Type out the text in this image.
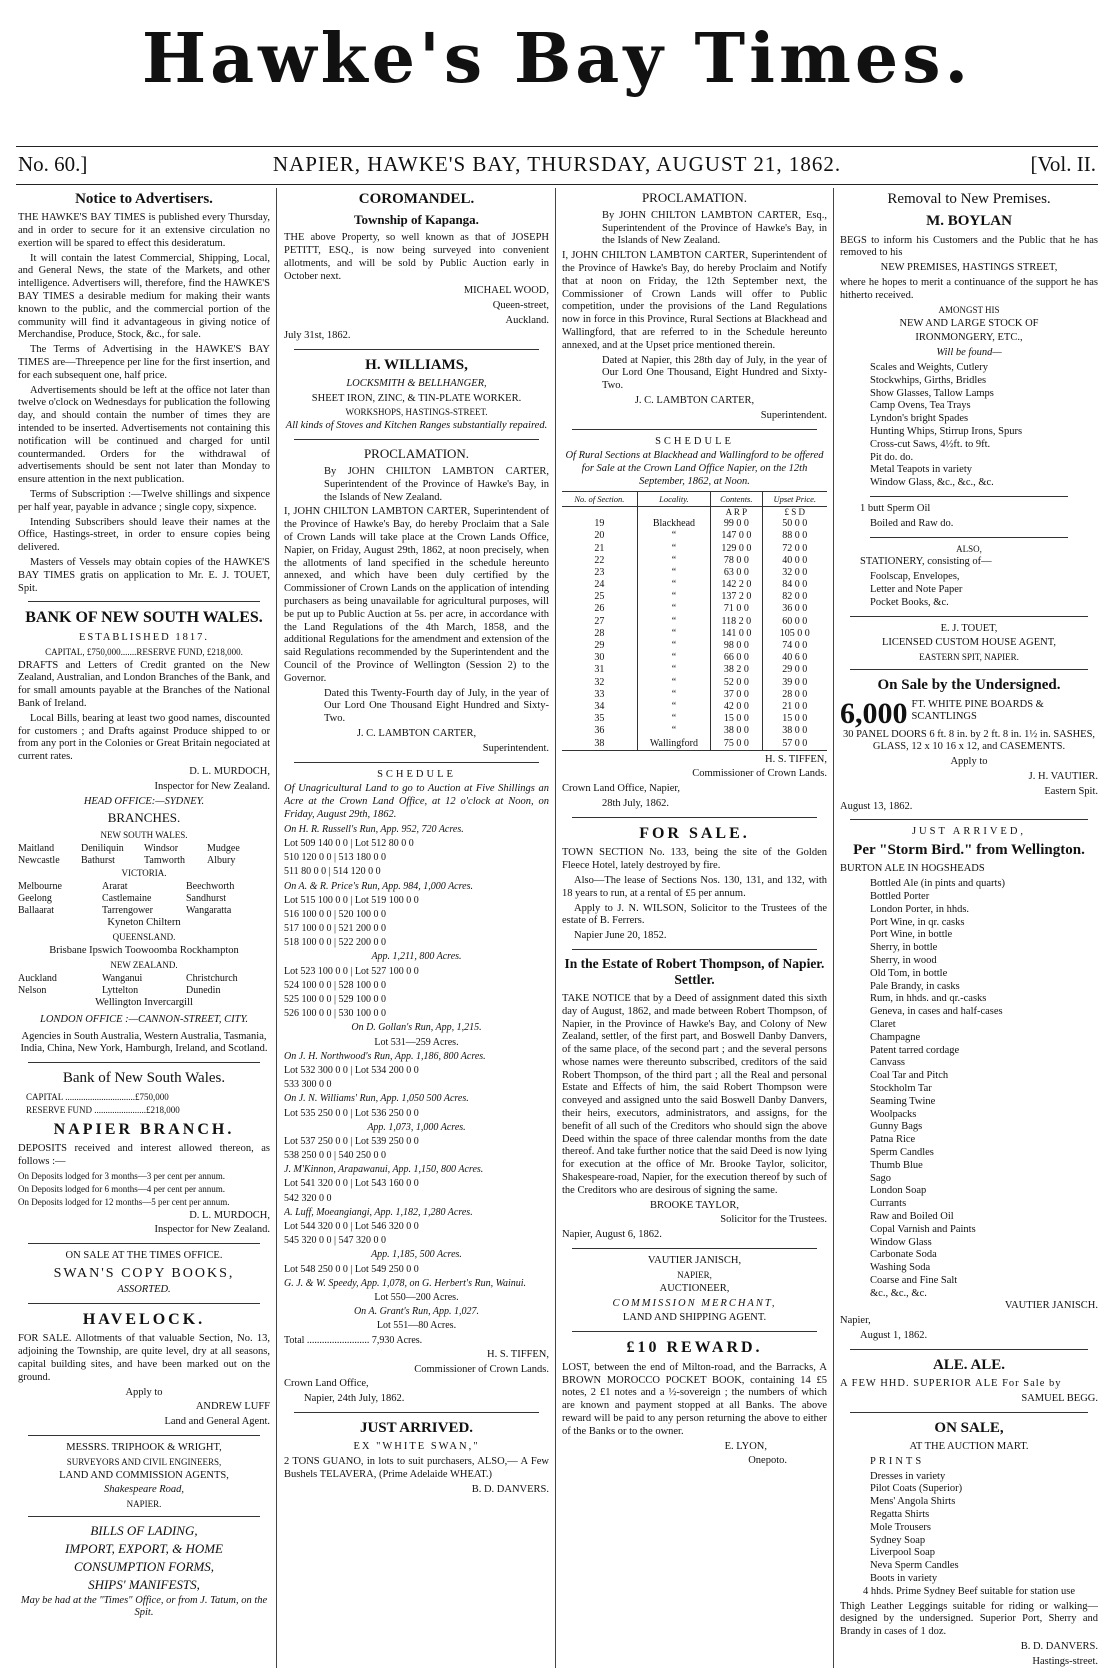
Hawke's Bay Times.
No. 60.]	NAPIER, HAWKE'S BAY, THURSDAY, AUGUST 21, 1862.	[Vol. II.
Notice to Advertisers.

THE HAWKE'S BAY TIMES is published every Thursday, and in order to secure for it an extensive circulation no exertion will be spared to effect this desideratum.

It will contain the latest Commercial, Shipping, Local, and General News, the state of the Markets, and other intelligence. Advertisers will, therefore, find the HAWKE'S BAY TIMES a desirable medium for making their wants known to the public, and the commercial portion of the community will find it advantageous in giving notice of Merchandise, Produce, Stock, &c., for sale.

The Terms of Advertising in the HAWKE'S BAY TIMES are—Threepence per line for the first insertion, and for each subsequent one, half price.

Advertisements should be left at the office not later than twelve o'clock on Wednesdays for publication the following day, and should contain the number of times they are intended to be inserted. Advertisements not containing this notification will be continued and charged for until countermanded. Orders for the withdrawal of advertisements should be sent not later than Monday to ensure attention in the next publication.

Terms of Subscription :—Twelve shillings and sixpence per half year, payable in advance ; single copy, sixpence.

Intending Subscribers should leave their names at the Office, Hastings-street, in order to ensure copies being delivered.

Masters of Vessels may obtain copies of the HAWKE'S BAY TIMES gratis on application to Mr. E. J. TOUET, Spit.

BANK OF NEW SOUTH WALES.

ESTABLISHED 1817.

CAPITAL, £750,000.......RESERVE FUND, £218,000.

DRAFTS and Letters of Credit granted on the New Zealand, Australian, and London Branches of the Bank, and for small amounts payable at the Branches of the National Bank of Ireland.

Local Bills, bearing at least two good names, discounted for customers ; and Drafts against Produce shipped to or from any port in the Colonies or Great Britain negociated at current rates.

D. L. MURDOCH,

Inspector for New Zealand.

HEAD OFFICE:—SYDNEY.

BRANCHES.

NEW SOUTH WALES.

Maitland	Deniliquin	Windsor	Mudgee
Newcastle	Bathurst	Tamworth	Albury

VICTORIA.

Melbourne	Ararat	Beechworth
Geelong	Castlemaine	Sandhurst
Ballaarat	Tarrengower	Wangaratta

Kyneton Chiltern

QUEENSLAND.

Brisbane Ipswich Toowoomba Rockhampton

NEW ZEALAND.

Auckland	Wanganui	Christchurch
Nelson	Lyttelton	Dunedin

Wellington Invercargill

LONDON OFFICE :—CANNON-STREET, CITY.

Agencies in South Australia, Western Australia, Tasmania, India, China, New York, Hamburgh, Ireland, and Scotland.

Bank of New South Wales.

CAPITAL ...............................£750,000

RESERVE FUND .......................£218,000

NAPIER BRANCH.

DEPOSITS received and interest allowed thereon, as follows :—

On Deposits lodged for 3 months—3 per cent per annum.

On Deposits lodged for 6 months—4 per cent per annum.

On Deposits lodged for 12 months—5 per cent per annum.

D. L. MURDOCH,

Inspector for New Zealand.

ON SALE AT THE TIMES OFFICE.

SWAN'S COPY BOOKS,

ASSORTED.

HAVELOCK.

FOR SALE. Allotments of that valuable Section, No. 13, adjoining the Township, are quite level, dry at all seasons, capital building sites, and have been marked out on the ground.

Apply to

ANDREW LUFF

Land and General Agent.

MESSRS. TRIPHOOK & WRIGHT,

SURVEYORS AND CIVIL ENGINEERS,

LAND AND COMMISSION AGENTS,

Shakespeare Road,

NAPIER.

BILLS OF LADING,

IMPORT, EXPORT, & HOME

CONSUMPTION FORMS,

SHIPS' MANIFESTS,

May be had at the "Times" Office, or from J. Tatum, on the Spit.

COROMANDEL.
Township of Kapanga.

THE above Property, so well known as that of JOSEPH PETITT, ESQ., is now being surveyed into convenient allotments, and will be sold by Public Auction early in October next.

MICHAEL WOOD,

Queen-street,

Auckland.

July 31st, 1862.

H. WILLIAMS,

LOCKSMITH & BELLHANGER,

SHEET IRON, ZINC, & TIN-PLATE WORKER.

WORKSHOPS, HASTINGS-STREET.

All kinds of Stoves and Kitchen Ranges substantially repaired.

PROCLAMATION.

By JOHN CHILTON LAMBTON CARTER, Superintendent of the Province of Hawke's Bay, in the Islands of New Zealand.

I, JOHN CHILTON LAMBTON CARTER, Superintendent of the Province of Hawke's Bay, do hereby Proclaim that a Sale of Crown Lands will take place at the Crown Lands Office, Napier, on Friday, August 29th, 1862, at noon precisely, when the allotments of land specified in the schedule hereunto annexed, and which have been duly certified by the Commissioner of Crown Lands on the application of intending purchasers as being unavailable for agricultural purposes, will be put up to Public Auction at 5s. per acre, in accordance with the Land Regulations of the 4th March, 1858, and the additional Regulations for the amendment and extension of the said Regulations recommended by the Superintendent and the Council of the Province of Wellington (Session 2) to the Governor.

Dated this Twenty-Fourth day of July, in the year of Our Lord One Thousand Eight Hundred and Sixty-Two.

J. C. LAMBTON CARTER,

Superintendent.

SCHEDULE

Of Unagricultural Land to go to Auction at Five Shillings an Acre at the Crown Land Office, at 12 o'clock at Noon, on Friday, August 29th, 1862.

On H. R. Russell's Run, App. 952, 720 Acres.

Lot 509 140 0 0 | Lot 512 80 0 0

510 120 0 0 | 513 180 0 0

511 80 0 0 | 514 120 0 0

On A. & R. Price's Run, App. 984, 1,000 Acres.

Lot 515 100 0 0 | Lot 519 100 0 0

516 100 0 0 | 520 100 0 0

517 100 0 0 | 521 200 0 0

518 100 0 0 | 522 200 0 0

App. 1,211, 800 Acres.

Lot 523 100 0 0 | Lot 527 100 0 0

524 100 0 0 | 528 100 0 0

525 100 0 0 | 529 100 0 0

526 100 0 0 | 530 100 0 0

On D. Gollan's Run, App, 1,215.

Lot 531—259 Acres.

On J. H. Northwood's Run, App. 1,186, 800 Acres.

Lot 532 300 0 0 | Lot 534 200 0 0

533 300 0 0

On J. N. Williams' Run, App. 1,050 500 Acres.

Lot 535 250 0 0 | Lot 536 250 0 0

App. 1,073, 1,000 Acres.

Lot 537 250 0 0 | Lot 539 250 0 0

538 250 0 0 | 540 250 0 0

J. M'Kinnon, Arapawanui, App. 1,150, 800 Acres.

Lot 541 320 0 0 | Lot 543 160 0 0

542 320 0 0

A. Luff, Moeangiangi, App. 1,182, 1,280 Acres.

Lot 544 320 0 0 | Lot 546 320 0 0

545 320 0 0 | 547 320 0 0

App. 1,185, 500 Acres.

Lot 548 250 0 0 | Lot 549 250 0 0

G. J. & W. Speedy, App. 1,078, on G. Herbert's Run, Wainui.

Lot 550—200 Acres.

On A. Grant's Run, App. 1,027.

Lot 551—80 Acres.

Total ......................... 7,930 Acres.

H. S. TIFFEN,

Commissioner of Crown Lands.

Crown Land Office,

Napier, 24th July, 1862.

JUST ARRIVED.

EX "WHITE SWAN,"

2 TONS GUANO, in lots to suit purchasers, ALSO,— A Few Bushels TELAVERA, (Prime Adelaide WHEAT.)

B. D. DANVERS.

PROCLAMATION.

By JOHN CHILTON LAMBTON CARTER, Esq., Superintendent of the Province of Hawke's Bay, in the Islands of New Zealand.

I, JOHN CHILTON LAMBTON CARTER, Superintendent of the Province of Hawke's Bay, do hereby Proclaim and Notify that at noon on Friday, the 12th September next, the Commissioner of Crown Lands will offer to Public competition, under the provisions of the Land Regulations now in force in this Province, Rural Sections at Blackhead and Wallingford, that are referred to in the Schedule hereunto annexed, and at the Upset price mentioned therein.

Dated at Napier, this 28th day of July, in the year of Our Lord One Thousand, Eight Hundred and Sixty-Two.

J. C. LAMBTON CARTER,

Superintendent.

SCHEDULE

Of Rural Sections at Blackhead and Wallingford to be offered for Sale at the Crown Land Office Napier, on the 12th September, 1862, at Noon.

No. of Section.	Locality.	Contents.	Upset Price.
		A R P	£ S D
19	Blackhead	99 0 0	50 0 0
20	“	147 0 0	88 0 0
21	“	129 0 0	72 0 0
22	“	78 0 0	40 0 0
23	“	63 0 0	32 0 0
24	“	142 2 0	84 0 0
25	“	137 2 0	82 0 0
26	“	71 0 0	36 0 0
27	“	118 2 0	60 0 0
28	“	141 0 0	105 0 0
29	“	98 0 0	74 0 0
30	“	66 0 0	40 6 0
31	“	38 2 0	29 0 0
32	“	52 0 0	39 0 0
33	“	37 0 0	28 0 0
34	“	42 0 0	21 0 0
35	“	15 0 0	15 0 0
36	“	38 0 0	38 0 0
38	Wallingford	75 0 0	57 0 0

H. S. TIFFEN,

Commissioner of Crown Lands.

Crown Land Office, Napier,

28th July, 1862.

FOR SALE.

TOWN SECTION No. 133, being the site of the Golden Fleece Hotel, lately destroyed by fire.

Also—The lease of Sections Nos. 130, 131, and 132, with 18 years to run, at a rental of £5 per annum.

Apply to J. N. WILSON, Solicitor to the Trustees of the estate of B. Ferrers.

Napier June 20, 1852.

In the Estate of Robert Thompson, of Napier. Settler.

TAKE NOTICE that by a Deed of assignment dated this sixth day of August, 1862, and made between Robert Thompson, of Napier, in the Province of Hawke's Bay, and Colony of New Zealand, settler, of the first part, and Boswell Danby Danvers, of the same place, of the second part ; and the several persons whose names were thereunto subscribed, creditors of the said Robert Thompson, of the third part ; all the Real and personal Estate and Effects of him, the said Robert Thompson were conveyed and assigned unto the said Boswell Danby Danvers, their heirs, executors, administrators, and assigns, for the benefit of all such of the Creditors who should sign the above Deed within the space of three calendar months from the date thereof. And take further notice that the said Deed is now lying for execution at the office of Mr. Brooke Taylor, solicitor, Shakespeare-road, Napier, for the execution thereof by such of the Creditors who are desirous of signing the same.

BROOKE TAYLOR,

Solicitor for the Trustees.

Napier, August 6, 1862.

VAUTIER JANISCH,

NAPIER,

AUCTIONEER,

COMMISSION MERCHANT,

LAND AND SHIPPING AGENT.

£10 REWARD.

LOST, between the end of Milton-road, and the Barracks, A BROWN MOROCCO POCKET BOOK, containing 14 £5 notes, 2 £1 notes and a ½-sovereign ; the numbers of which are known and payment stopped at all Banks. The above reward will be paid to any person returning the above to either of the Banks or to the owner.

E. LYON,

Onepoto.

Removal to New Premises.
M. BOYLAN

BEGS to inform his Customers and the Public that he has removed to his

NEW PREMISES, HASTINGS STREET,

where he hopes to merit a continuance of the support he has hitherto received.

AMONGST HIS

NEW AND LARGE STOCK OF

IRONMONGERY, ETC.,

Will be found—

Scales and Weights, Cutlery
Stockwhips, Girths, Bridles
Show Glasses, Tallow Lamps
Camp Ovens, Tea Trays
Lyndon's bright Spades
Hunting Whips, Stirrup Irons, Spurs
Cross-cut Saws, 4½ft. to 9ft.
Pit do. do.
Metal Teapots in variety
Window Glass, &c., &c., &c.

1 butt Sperm Oil

Boiled and Raw do.

ALSO,

STATIONERY, consisting of—

Foolscap, Envelopes,
Letter and Note Paper
Pocket Books, &c.

E. J. TOUET,

LICENSED CUSTOM HOUSE AGENT,

EASTERN SPIT, NAPIER.

On Sale by the Undersigned.
6,000 FT. WHITE PINE BOARDS & SCANTLINGS

30 PANEL DOORS 6 ft. 8 in. by 2 ft. 8 in. 1½ in. SASHES, GLASS, 12 x 10 16 x 12, and CASEMENTS.

Apply to

J. H. VAUTIER.

Eastern Spit.

August 13, 1862.

JUST ARRIVED,

Per "Storm Bird." from Wellington.

BURTON ALE IN HOGSHEADS

Bottled Ale (in pints and quarts)
Bottled Porter
London Porter, in hhds.
Port Wine, in qr. casks
Port Wine, in bottle
Sherry, in bottle
Sherry, in wood
Old Tom, in bottle
Pale Brandy, in casks
Rum, in hhds. and qr.-casks
Geneva, in cases and half-cases
Claret
Champagne
Patent tarred cordage
Canvass
Coal Tar and Pitch
Stockholm Tar
Seaming Twine
Woolpacks
Gunny Bags
Patna Rice
Sperm Candles
Thumb Blue
Sago
London Soap
Currants
Raw and Boiled Oil
Copal Varnish and Paints
Window Glass
Carbonate Soda
Washing Soda
Coarse and Fine Salt
&c., &c., &c.

VAUTIER JANISCH.

Napier,

August 1, 1862.

ALE. ALE.

A FEW HHD. SUPERIOR ALE For Sale by

SAMUEL BEGG.

ON SALE,

AT THE AUCTION MART.

PRINTS

Dresses in variety
Pilot Coats (Superior)
Mens' Angola Shirts
Regatta Shirts
Mole Trousers
Sydney Soap
Liverpool Soap
Neva Sperm Candles
Boots in variety

4 hhds. Prime Sydney Beef suitable for station use

Thigh Leather Leggings suitable for riding or walking—designed by the undersigned. Superior Port, Sherry and Brandy in cases of 1 doz.

B. D. DANVERS.

Hastings-street.
